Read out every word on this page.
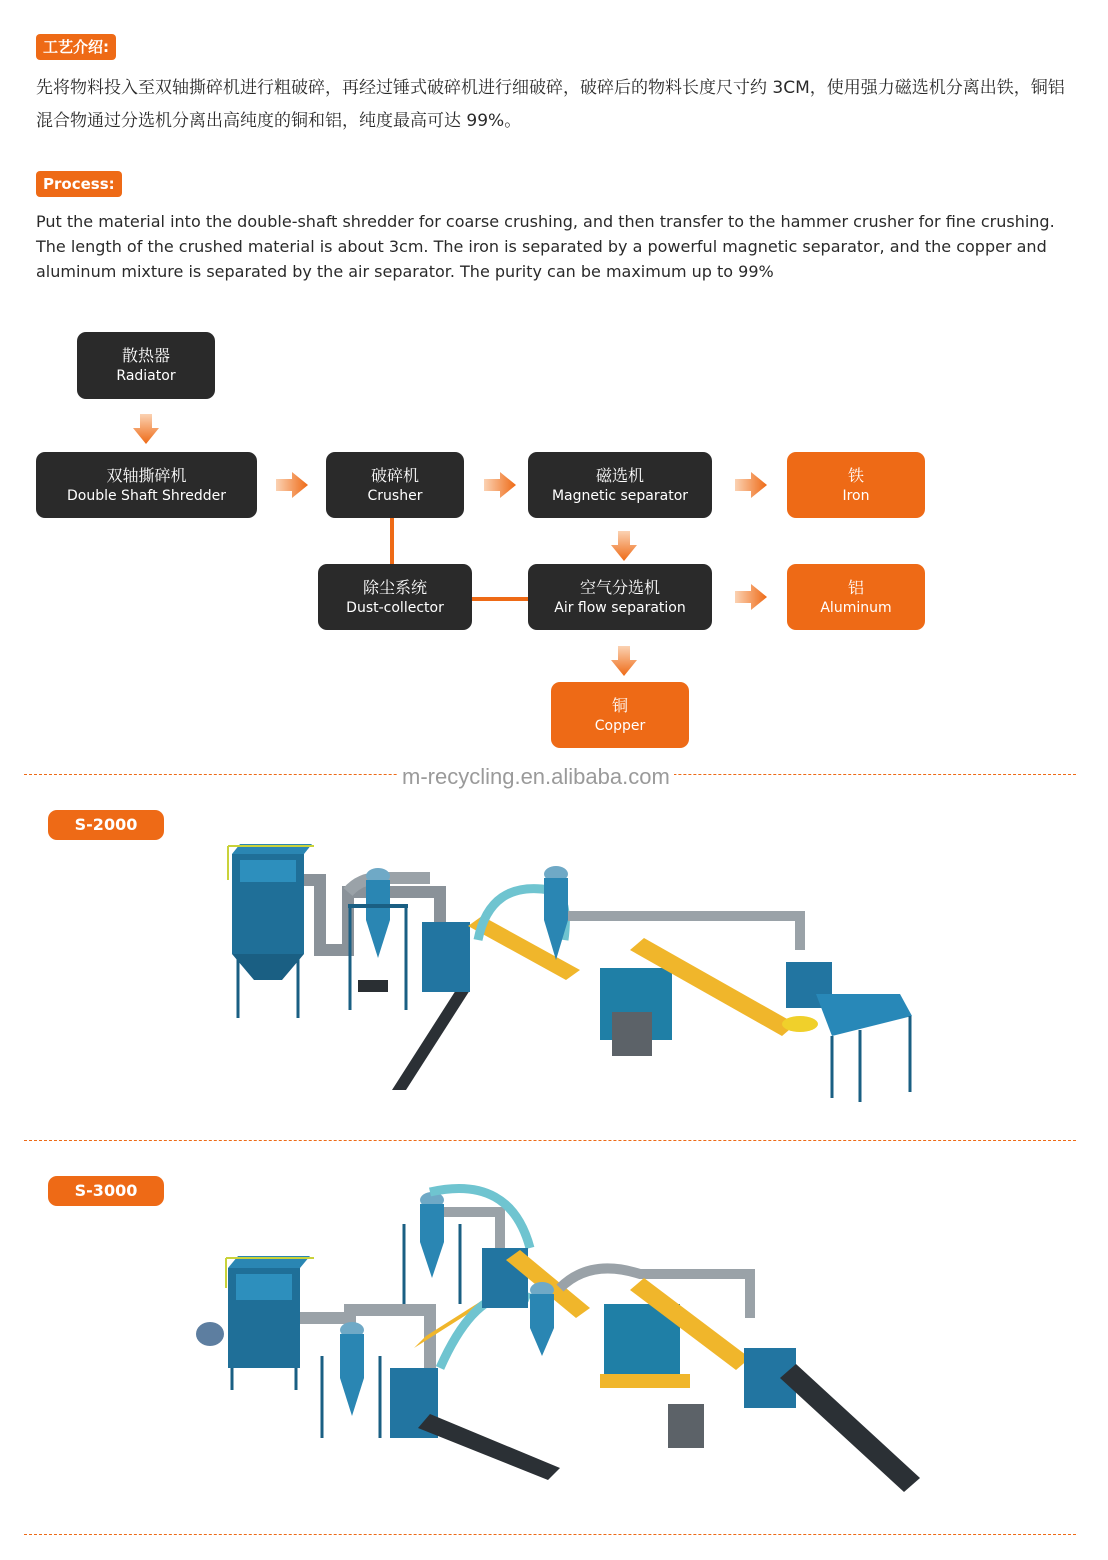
工艺介绍:
先将物料投入至双轴撕碎机进行粗破碎，再经过锤式破碎机进行细破碎，破碎后的物料长度尺寸约 3CM，使用强力磁选机分离出铁，铜铝混合物通过分选机分离出高纯度的铜和铝，纯度最高可达 99%。
Process:
Put the material into the double-shaft shredder for coarse crushing, and then transfer to the hammer crusher for fine crushing. The length of the crushed material is about 3cm. The iron is separated by a powerful magnetic separator, and the copper and aluminum mixture is separated by the air separator. The purity can be maximum up to 99%
散热器
Radiator
双轴撕碎机
Double Shaft Shredder
破碎机
Crusher
磁选机
Magnetic separator
铁
Iron
除尘系统
Dust-collector
空气分选机
Air flow separation
铝
Aluminum
铜
Copper
m-recycling.en.alibaba.com
S-2000
S-3000
